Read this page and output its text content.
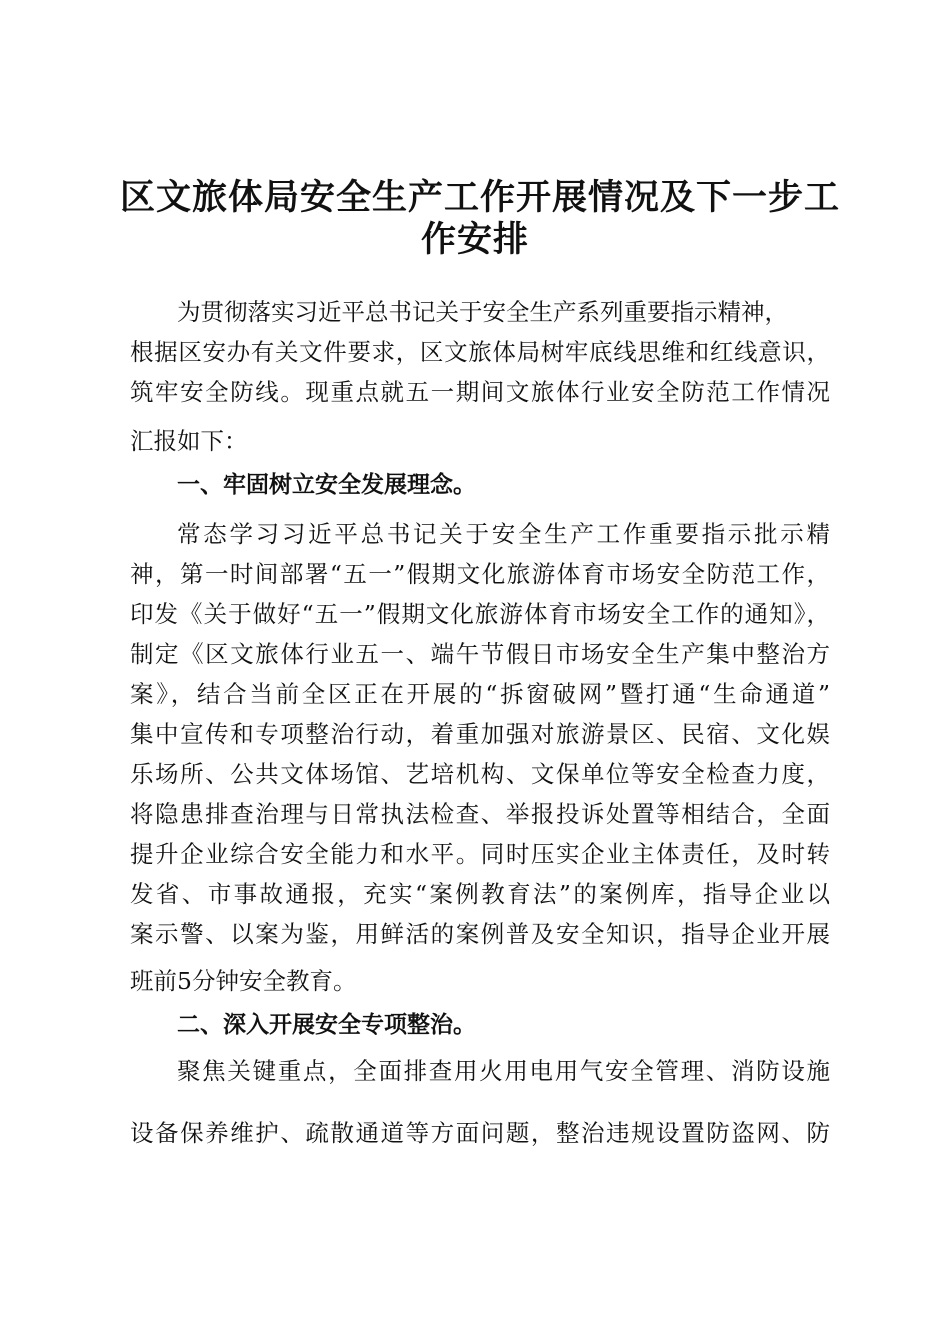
区文旅体局安全生产工作开展情况及下一步工
作安排
为贯彻落实习近平总书记关于安全生产系列重要指示精神，
根据区安办有关文件要求，区文旅体局树牢底线思维和红线意识，
筑牢安全防线。现重点就五一期间文旅体行业安全防范工作情况
汇报如下：
一、牢固树立安全发展理念。
常态学习习近平总书记关于安全生产工作重要指示批示精
神，第一时间部署“五一”假期文化旅游体育市场安全防范工作，
印发《关于做好“五一”假期文化旅游体育市场安全工作的通知》，
制定《区文旅体行业五一、端午节假日市场安全生产集中整治方
案》，结合当前全区正在开展的“拆窗破网”暨打通“生命通道”
集中宣传和专项整治行动，着重加强对旅游景区、民宿、文化娱
乐场所、公共文体场馆、艺培机构、文保单位等安全检查力度，
将隐患排查治理与日常执法检查、举报投诉处置等相结合，全面
提升企业综合安全能力和水平。同时压实企业主体责任，及时转
发省、市事故通报，充实“案例教育法”的案例库，指导企业以
案示警、以案为鉴，用鲜活的案例普及安全知识，指导企业开展
班前5分钟安全教育。
二、深入开展安全专项整治。
聚焦关键重点，全面排查用火用电用气安全管理、消防设施
设备保养维护、疏散通道等方面问题，整治违规设置防盗网、防
